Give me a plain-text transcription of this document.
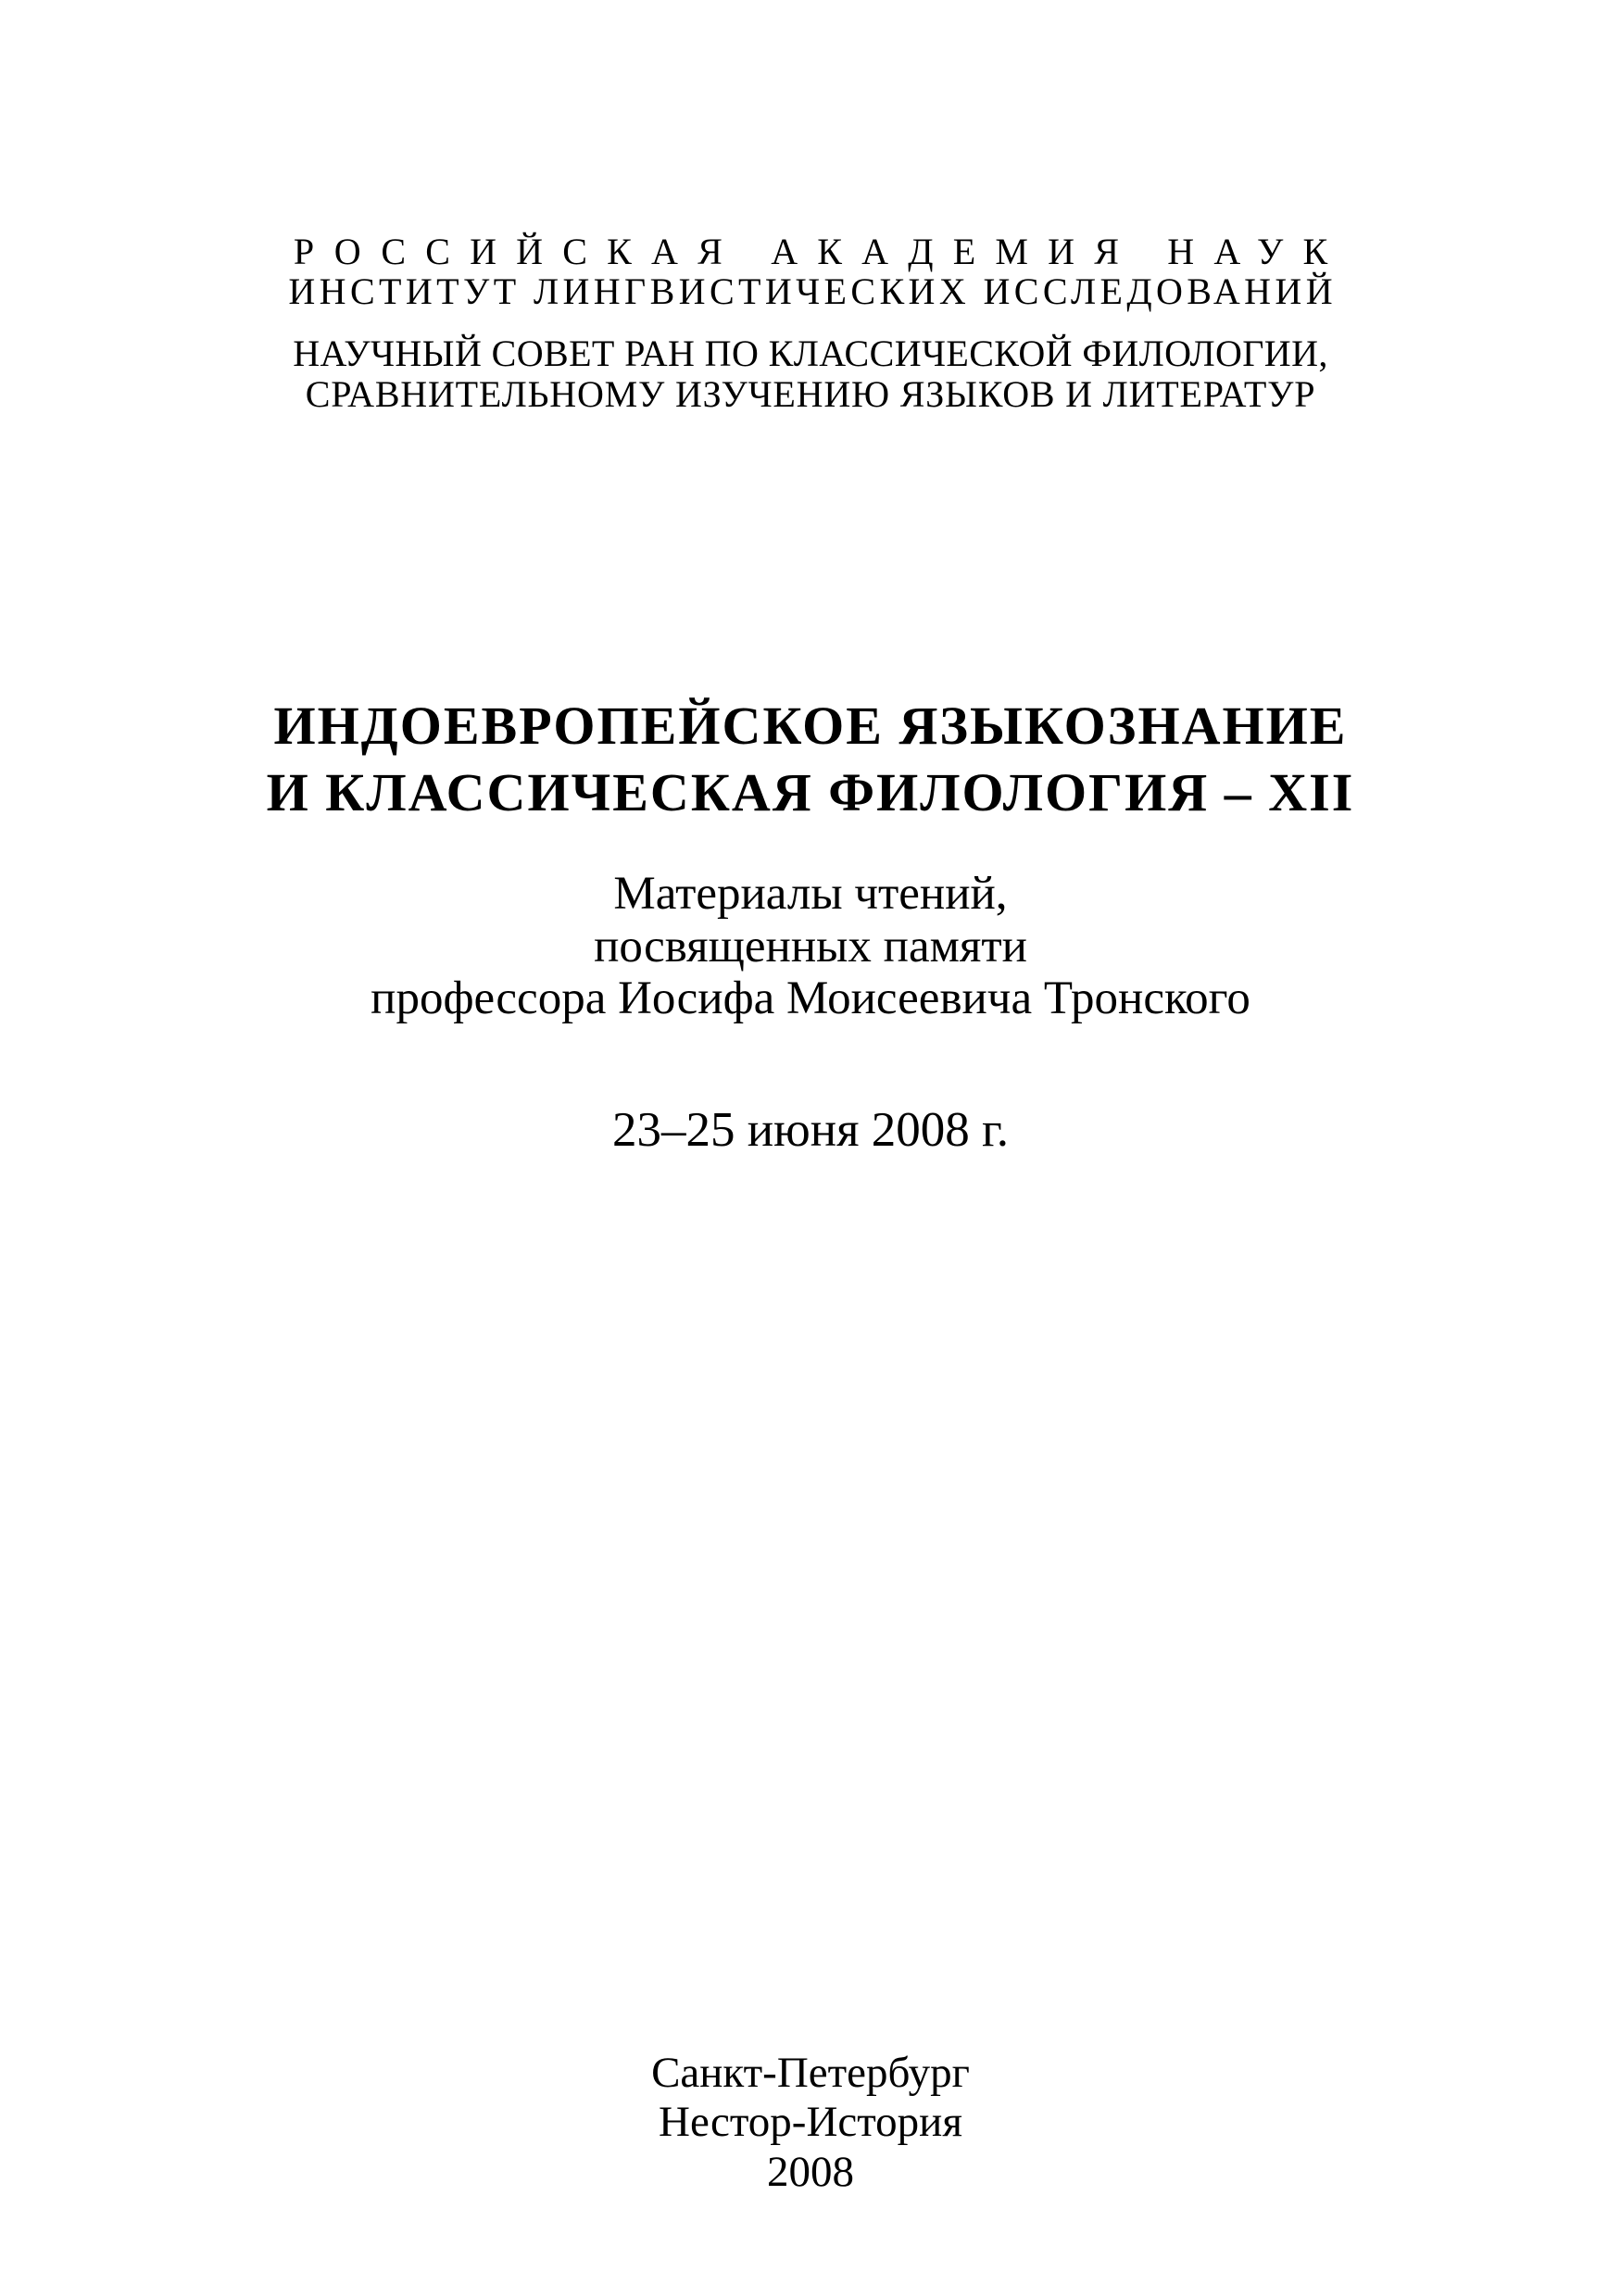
РОССИЙСКАЯ АКАДЕМИЯ НАУК
ИНСТИТУТ ЛИНГВИСТИЧЕСКИХ ИССЛЕДОВАНИЙ
НАУЧНЫЙ СОВЕТ РАН ПО КЛАССИЧЕСКОЙ ФИЛОЛОГИИ,
СРАВНИТЕЛЬНОМУ ИЗУЧЕНИЮ ЯЗЫКОВ И ЛИТЕРАТУР
ИНДОЕВРОПЕЙСКОЕ ЯЗЫКОЗНАНИЕ
И КЛАССИЧЕСКАЯ ФИЛОЛОГИЯ – XII
Материалы чтений,
посвященных памяти
профессора Иосифа Моисеевича Тронского
23–25 июня 2008 г.
Санкт-Петербург
Нестор-История
2008
